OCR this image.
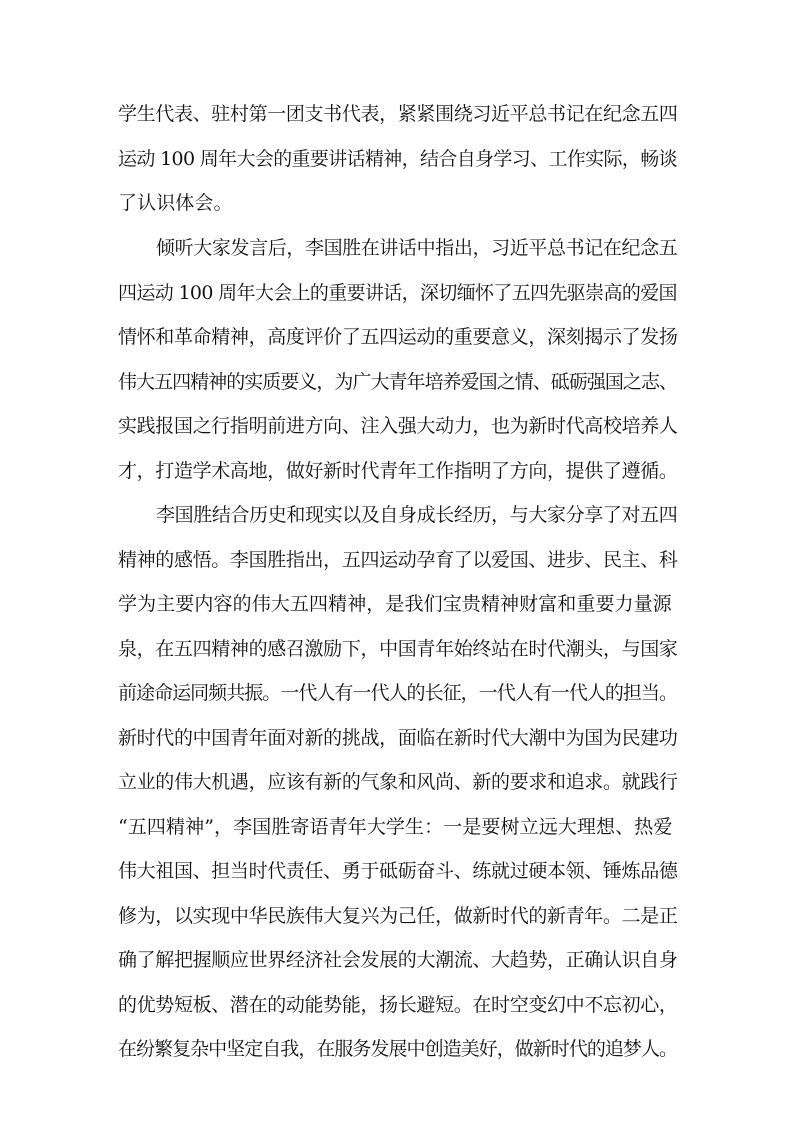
学生代表、驻村第一团支书代表，紧紧围绕习近平总书记在纪念五四
运动 100 周年大会的重要讲话精神，结合自身学习、工作实际，畅谈
了认识体会。
倾听大家发言后，李国胜在讲话中指出，习近平总书记在纪念五
四运动 100 周年大会上的重要讲话，深切缅怀了五四先驱崇高的爱国
情怀和革命精神，高度评价了五四运动的重要意义，深刻揭示了发扬
伟大五四精神的实质要义，为广大青年培养爱国之情、砥砺强国之志、
实践报国之行指明前进方向、注入强大动力，也为新时代高校培养人
才，打造学术高地，做好新时代青年工作指明了方向，提供了遵循。
李国胜结合历史和现实以及自身成长经历，与大家分享了对五四
精神的感悟。李国胜指出，五四运动孕育了以爱国、进步、民主、科
学为主要内容的伟大五四精神，是我们宝贵精神财富和重要力量源
泉，在五四精神的感召激励下，中国青年始终站在时代潮头，与国家
前途命运同频共振。一代人有一代人的长征，一代人有一代人的担当。
新时代的中国青年面对新的挑战，面临在新时代大潮中为国为民建功
立业的伟大机遇，应该有新的气象和风尚、新的要求和追求。就践行
“五四精神”，李国胜寄语青年大学生：一是要树立远大理想、热爱
伟大祖国、担当时代责任、勇于砥砺奋斗、练就过硬本领、锤炼品德
修为，以实现中华民族伟大复兴为己任，做新时代的新青年。二是正
确了解把握顺应世界经济社会发展的大潮流、大趋势，正确认识自身
的优势短板、潜在的动能势能，扬长避短。在时空变幻中不忘初心，
在纷繁复杂中坚定自我，在服务发展中创造美好，做新时代的追梦人。
